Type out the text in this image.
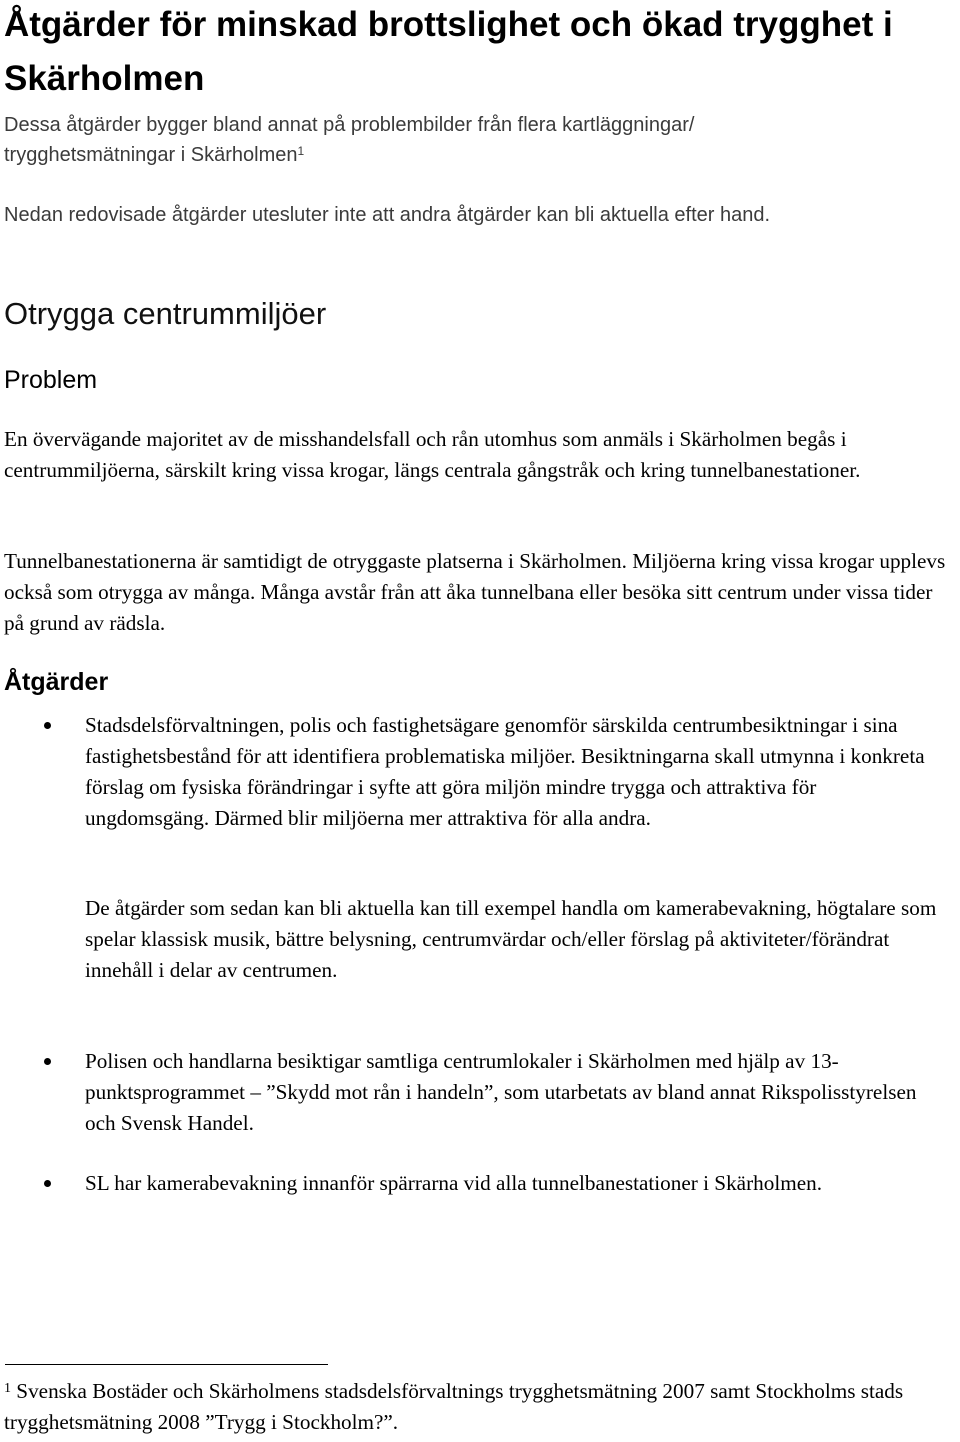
Åtgärder för minskad brottslighet och ökad trygghet i Skärholmen

Dessa åtgärder bygger bland annat på problembilder från flera kartläggningar/
trygghetsmätningar i Skärholmen$^1$

Nedan redovisade åtgärder utesluter inte att andra åtgärder kan bli aktuella efter hand.

Otrygga centrummiljöer
Problem

En övervägande majoritet av de misshandelsfall och rån utomhus som anmäls i Skärholmen begås i centrummiljöerna, särskilt kring vissa krogar, längs centrala gångstråk och kring tunnelbanestationer.

Tunnelbanestationerna är samtidigt de otryggaste platserna i Skärholmen. Miljöerna kring vissa krogar upplevs också som otrygga av många. Många avstår från att åka tunnelbana eller besöka sitt centrum under vissa tider på grund av rädsla.

Åtgärder

Stadsdelsförvaltningen, polis och fastighetsägare genomför särskilda centrumbesiktningar i sina fastighetsbestånd för att identifiera problematiska miljöer. Besiktningarna skall utmynna i konkreta förslag om fysiska förändringar i syfte att göra miljön mindre trygga och attraktiva för ungdomsgäng. Därmed blir miljöerna mer attraktiva för alla andra.

De åtgärder som sedan kan bli aktuella kan till exempel handla om kamerabevakning, högtalare som spelar klassisk musik, bättre belysning, centrumvärdar och/eller förslag på aktiviteter/förändrat innehåll i delar av centrumen.

Polisen och handlarna besiktigar samtliga centrumlokaler i Skärholmen med hjälp av 13-punktsprogrammet – ”Skydd mot rån i handeln”, som utarbetats av bland annat Rikspolisstyrelsen och Svensk Handel.

SL har kamerabevakning innanför spärrarna vid alla tunnelbanestationer i Skärholmen.

$^1$ Svenska Bostäder och Skärholmens stadsdelsförvaltnings trygghetsmätning 2007 samt Stockholms stads trygghetsmätning 2008 ”Trygg i Stockholm?”.
